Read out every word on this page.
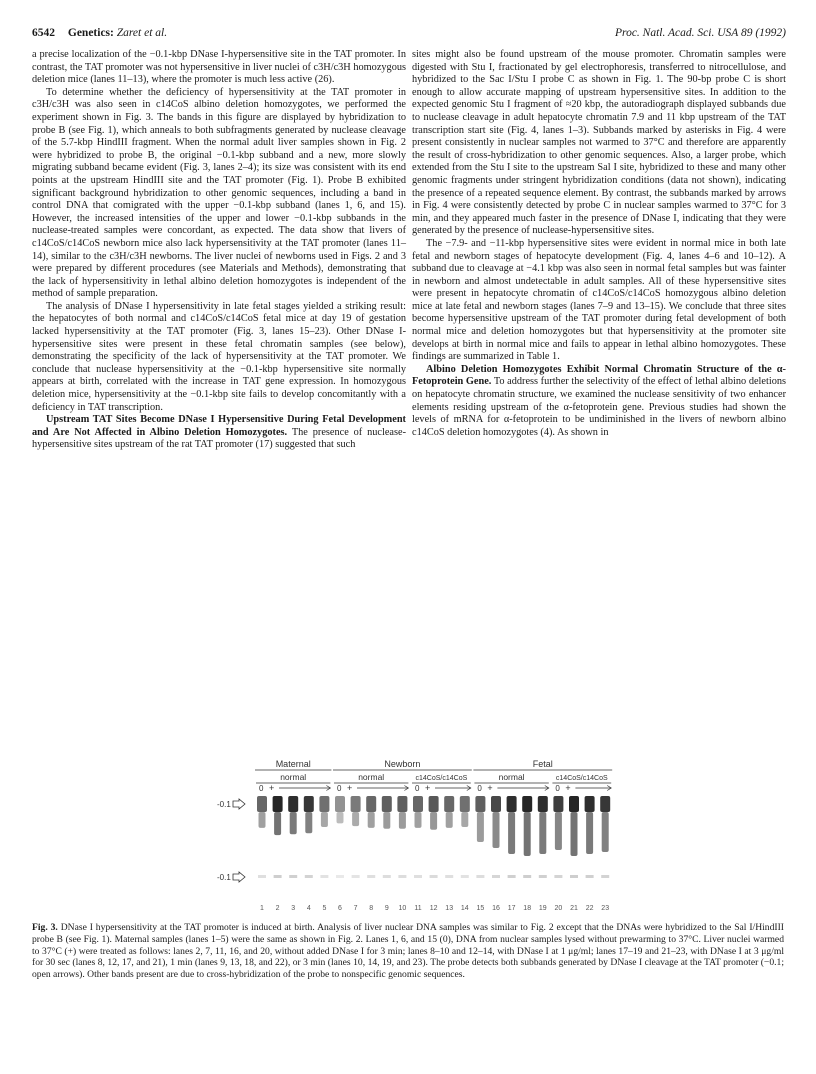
6542 Genetics: Zaret et al.	Proc. Natl. Acad. Sci. USA 89 (1992)

a precise localization of the −0.1-kbp DNase I-hypersensitive site in the TAT promoter. In contrast, the TAT promoter was not hypersensitive in liver nuclei of c3H/c3H homozygous deletion mice (lanes 11–13), where the promoter is much less active (26).

To determine whether the deficiency of hypersensitivity at the TAT promoter in c3H/c3H was also seen in c14CoS albino deletion homozygotes, we performed the experiment shown in Fig. 3. The bands in this figure are displayed by hybridization to probe B (see Fig. 1), which anneals to both subfragments generated by nuclease cleavage of the 5.7-kbp HindIII fragment. When the normal adult liver samples shown in Fig. 2 were hybridized to probe B, the original −0.1-kbp subband and a new, more slowly migrating subband became evident (Fig. 3, lanes 2–4); its size was consistent with its end points at the upstream HindIII site and the TAT promoter (Fig. 1). Probe B exhibited significant background hybridization to other genomic sequences, including a band in control DNA that comigrated with the upper −0.1-kbp subband (lanes 1, 6, and 15). However, the increased intensities of the upper and lower −0.1-kbp subbands in the nuclease-treated samples were concordant, as expected. The data show that livers of c14CoS/c14CoS newborn mice also lack hypersensitivity at the TAT promoter (lanes 11–14), similar to the c3H/c3H newborns. The liver nuclei of newborns used in Figs. 2 and 3 were prepared by different procedures (see Materials and Methods), demonstrating that the lack of hypersensitivity in lethal albino deletion homozygotes is independent of the method of sample preparation.

The analysis of DNase I hypersensitivity in late fetal stages yielded a striking result: the hepatocytes of both normal and c14CoS/c14CoS fetal mice at day 19 of gestation lacked hypersensitivity at the TAT promoter (Fig. 3, lanes 15–23). Other DNase I-hypersensitive sites were present in these fetal chromatin samples (see below), demonstrating the specificity of the lack of hypersensitivity at the TAT promoter. We conclude that nuclease hypersensitivity at the −0.1-kbp hypersensitive site normally appears at birth, correlated with the increase in TAT gene expression. In homozygous deletion mice, hypersensitivity at the −0.1-kbp site fails to develop concomitantly with a deficiency in TAT transcription.

Upstream TAT Sites Become DNase I Hypersensitive During Fetal Development and Are Not Affected in Albino Deletion Homozygotes. The presence of nuclease-hypersensitive sites upstream of the rat TAT promoter (17) suggested that such

sites might also be found upstream of the mouse promoter. Chromatin samples were digested with Stu I, fractionated by gel electrophoresis, transferred to nitrocellulose, and hybridized to the Sac I/Stu I probe C as shown in Fig. 1. The 90-bp probe C is short enough to allow accurate mapping of upstream hypersensitive sites. In addition to the expected genomic Stu I fragment of ≈20 kbp, the autoradiograph displayed subbands due to nuclease cleavage in adult hepatocyte chromatin 7.9 and 11 kbp upstream of the TAT transcription start site (Fig. 4, lanes 1–3). Subbands marked by asterisks in Fig. 4 were present consistently in nuclear samples not warmed to 37°C and therefore are apparently the result of cross-hybridization to other genomic sequences. Also, a larger probe, which extended from the Stu I site to the upstream Sal I site, hybridized to these and many other genomic fragments under stringent hybridization conditions (data not shown), indicating the presence of a repeated sequence element. By contrast, the subbands marked by arrows in Fig. 4 were consistently detected by probe C in nuclear samples warmed to 37°C for 3 min, and they appeared much faster in the presence of DNase I, indicating that they were generated by the presence of nuclease-hypersensitive sites.

The −7.9- and −11-kbp hypersensitive sites were evident in normal mice in both late fetal and newborn stages of hepatocyte development (Fig. 4, lanes 4–6 and 10–12). A subband due to cleavage at −4.1 kbp was also seen in normal fetal samples but was fainter in newborn and almost undetectable in adult samples. All of these hypersensitive sites were present in hepatocyte chromatin of c14CoS/c14CoS homozygous albino deletion mice at late fetal and newborn stages (lanes 7–9 and 13–15). We conclude that three sites become hypersensitive upstream of the TAT promoter during fetal development of both normal mice and deletion homozygotes but that hypersensitivity at the promoter site develops at birth in normal mice and fails to appear in lethal albino homozygotes. These findings are summarized in Table 1.

Albino Deletion Homozygotes Exhibit Normal Chromatin Structure of the α-Fetoprotein Gene. To address further the selectivity of the effect of lethal albino deletions on hepatocyte chromatin structure, we examined the nuclease sensitivity of two enhancer elements residing upstream of the α-fetoprotein gene. Previous studies had shown the levels of mRNA for α-fetoprotein to be undiminished in the livers of newborn albino c14CoS deletion homozygotes (4). As shown in

Maternal	Newborn	Fetal
normal
0 +
normal
0 +
c14CoS/c14CoS
0 +
normal
0 +
c14CoS/c14CoS
0 +
1 2 3 4 5 6 7 8 9 10 11 12 13 14 15 16 17 18 19 20 21 22 23
-0.1
-0.1
Fig. 3. DNase I hypersensitivity at the TAT promoter is induced at birth. Analysis of liver nuclear DNA samples was similar to Fig. 2 except that the DNAs were hybridized to the Sal I/HindIII probe B (see Fig. 1). Maternal samples (lanes 1–5) were the same as shown in Fig. 2. Lanes 1, 6, and 15 (0), DNA from nuclear samples lysed without prewarming to 37°C. Liver nuclei warmed to 37°C (+) were treated as follows: lanes 2, 7, 11, 16, and 20, without added DNase I for 3 min; lanes 8–10 and 12–14, with DNase I at 1 μg/ml; lanes 17–19 and 21–23, with DNase I at 3 μg/ml for 30 sec (lanes 8, 12, 17, and 21), 1 min (lanes 9, 13, 18, and 22), or 3 min (lanes 10, 14, 19, and 23). The probe detects both subbands generated by DNase I cleavage at the TAT promoter (−0.1; open arrows). Other bands present are due to cross-hybridization of the probe to nonspecific genomic sequences.
